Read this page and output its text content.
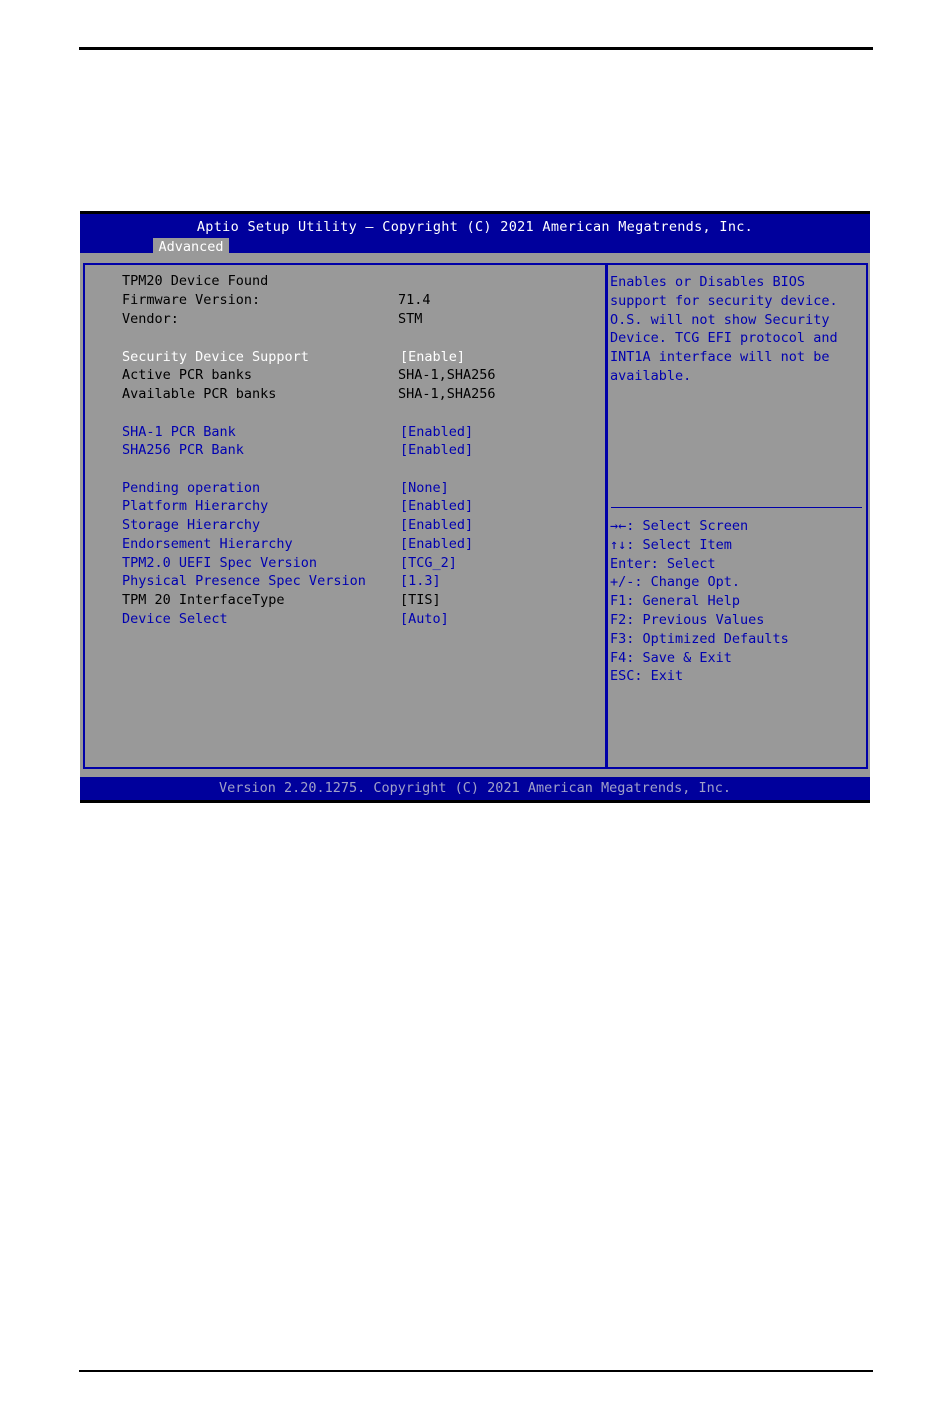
Aptio Setup Utility – Copyright (C) 2021 American Megatrends, Inc.
Advanced
TPM20 Device Found
Firmware Version:	71.4
Vendor:	STM
Security Device Support	[Enable]
Active PCR banks	SHA-1,SHA256
Available PCR banks	SHA-1,SHA256
SHA-1 PCR Bank	[Enabled]
SHA256 PCR Bank	[Enabled]
Pending operation	[None]
Platform Hierarchy	[Enabled]
Storage Hierarchy	[Enabled]
Endorsement Hierarchy	[Enabled]
TPM2.0 UEFI Spec Version	[TCG_2]
Physical Presence Spec Version	[1.3]
TPM 20 InterfaceType	[TIS]
Device Select	[Auto]
Enables or Disables BIOS
support for security device.
O.S. will not show Security
Device. TCG EFI protocol and
INT1A interface will not be
available.
→←: Select Screen
↑↓: Select Item
Enter: Select
+/-: Change Opt.
F1: General Help
F2: Previous Values
F3: Optimized Defaults
F4: Save & Exit
ESC: Exit
Version 2.20.1275. Copyright (C) 2021 American Megatrends, Inc.
